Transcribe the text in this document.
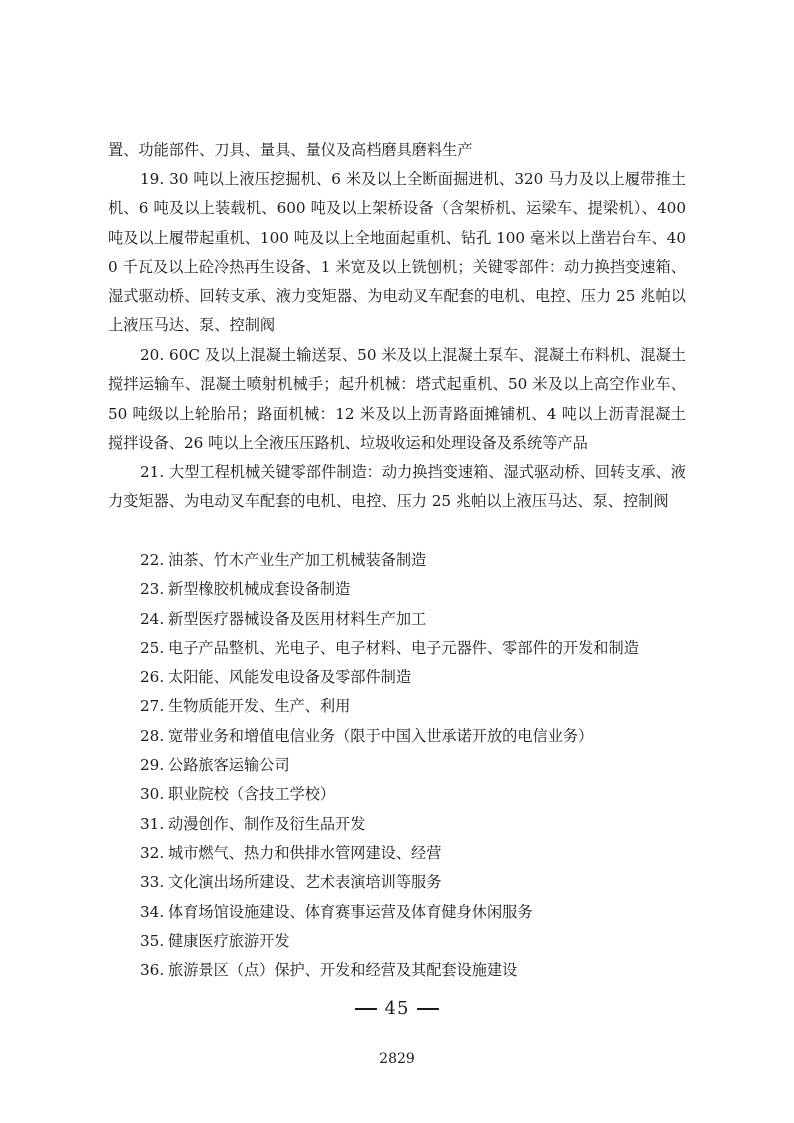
置、功能部件、刀具、量具、量仪及高档磨具磨料生产

19. 30 吨以上液压挖掘机、6 米及以上全断面掘进机、320 马力及以上履带推土机、6 吨及以上装载机、600 吨及以上架桥设备（含架桥机、运梁车、提梁机）、400 吨及以上履带起重机、100 吨及以上全地面起重机、钻孔 100 毫米以上凿岩台车、400 千瓦及以上砼冷热再生设备、1 米宽及以上铣刨机；关键零部件：动力换挡变速箱、湿式驱动桥、回转支承、液力变矩器、为电动叉车配套的电机、电控、压力 25 兆帕以上液压马达、泵、控制阀

20. 60C 及以上混凝土输送泵、50 米及以上混凝土泵车、混凝土布料机、混凝土搅拌运输车、混凝土喷射机械手；起升机械：塔式起重机、50 米及以上高空作业车、50 吨级以上轮胎吊；路面机械：12 米及以上沥青路面摊铺机、4 吨以上沥青混凝土搅拌设备、26 吨以上全液压压路机、垃圾收运和处理设备及系统等产品

21. 大型工程机械关键零部件制造：动力换挡变速箱、湿式驱动桥、回转支承、液力变矩器、为电动叉车配套的电机、电控、压力 25 兆帕以上液压马达、泵、控制阀

22. 油茶、竹木产业生产加工机械装备制造
23. 新型橡胶机械成套设备制造
24. 新型医疗器械设备及医用材料生产加工
25. 电子产品整机、光电子、电子材料、电子元器件、零部件的开发和制造
26. 太阳能、风能发电设备及零部件制造
27. 生物质能开发、生产、利用
28. 宽带业务和增值电信业务（限于中国入世承诺开放的电信业务）
29. 公路旅客运输公司
30. 职业院校（含技工学校）
31. 动漫创作、制作及衍生品开发
32. 城市燃气、热力和供排水管网建设、经营
33. 文化演出场所建设、艺术表演培训等服务
34. 体育场馆设施建设、体育赛事运营及体育健身休闲服务
35. 健康医疗旅游开发
36. 旅游景区（点）保护、开发和经营及其配套设施建设
45
2829
